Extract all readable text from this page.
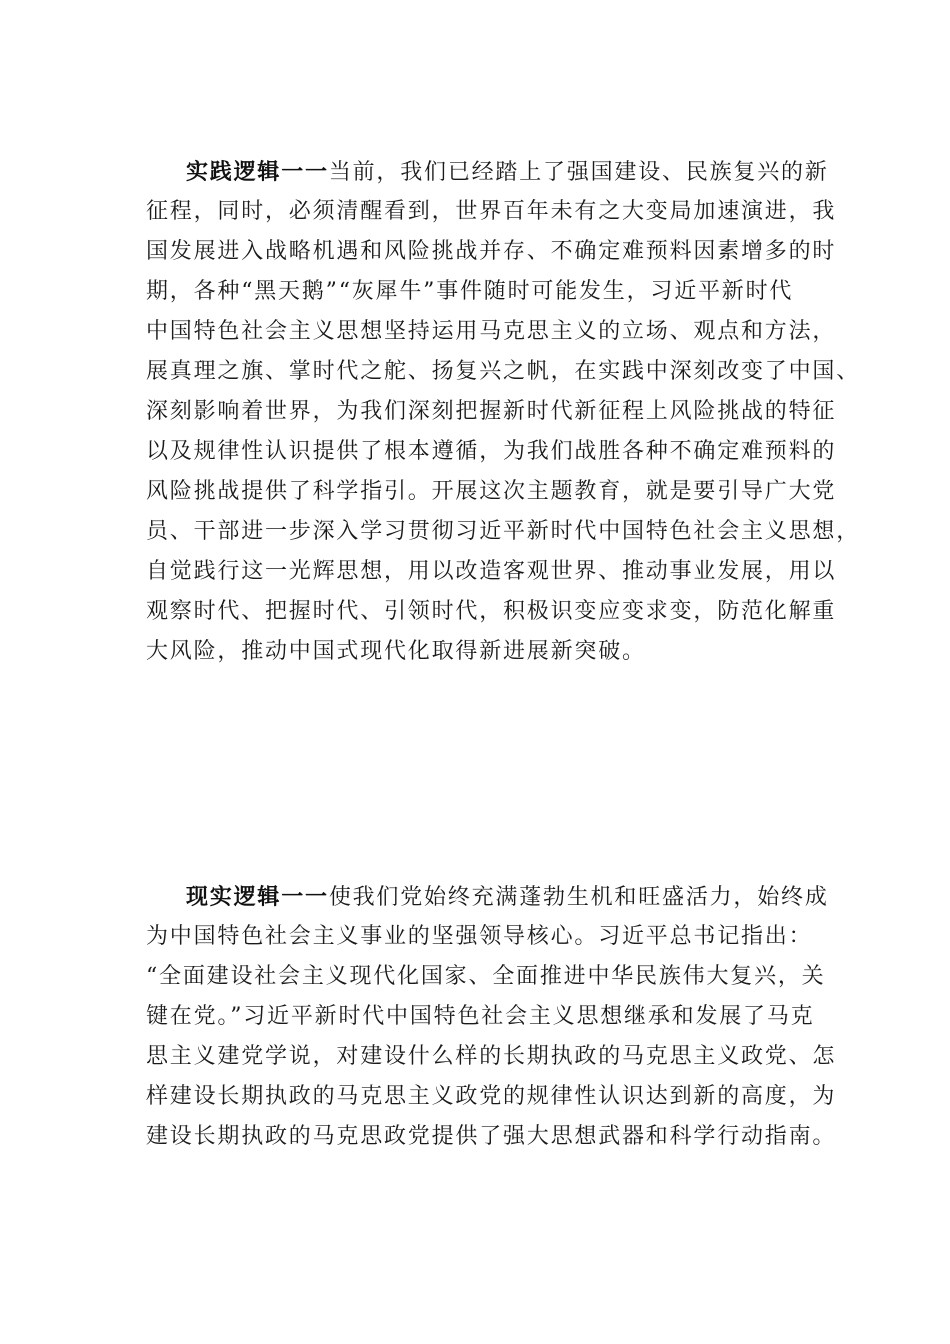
实践逻辑一一当前，我们已经踏上了强国建设、民族复兴的新
征程，同时，必须清醒看到，世界百年未有之大变局加速演进，我
国发展进入战略机遇和风险挑战并存、不确定难预料因素增多的时
期，各种“黑天鹅”“灰犀牛”事件随时可能发生，习近平新时代
中国特色社会主义思想坚持运用马克思主义的立场、观点和方法，
展真理之旗、掌时代之舵、扬复兴之帆，在实践中深刻改变了中国、
深刻影响着世界，为我们深刻把握新时代新征程上风险挑战的特征
以及规律性认识提供了根本遵循，为我们战胜各种不确定难预料的
风险挑战提供了科学指引。开展这次主题教育，就是要引导广大党
员、干部进一步深入学习贯彻习近平新时代中国特色社会主义思想，
自觉践行这一光辉思想，用以改造客观世界、推动事业发展，用以
观察时代、把握时代、引领时代，积极识变应变求变，防范化解重
大风险，推动中国式现代化取得新进展新突破。
现实逻辑一一使我们党始终充满蓬勃生机和旺盛活力，始终成
为中国特色社会主义事业的坚强领导核心。习近平总书记指出：
“全面建设社会主义现代化国家、全面推进中华民族伟大复兴，关
键在党。”习近平新时代中国特色社会主义思想继承和发展了马克
思主义建党学说，对建设什么样的长期执政的马克思主义政党、怎
样建设长期执政的马克思主义政党的规律性认识达到新的高度，为
建设长期执政的马克思政党提供了强大思想武器和科学行动指南。
